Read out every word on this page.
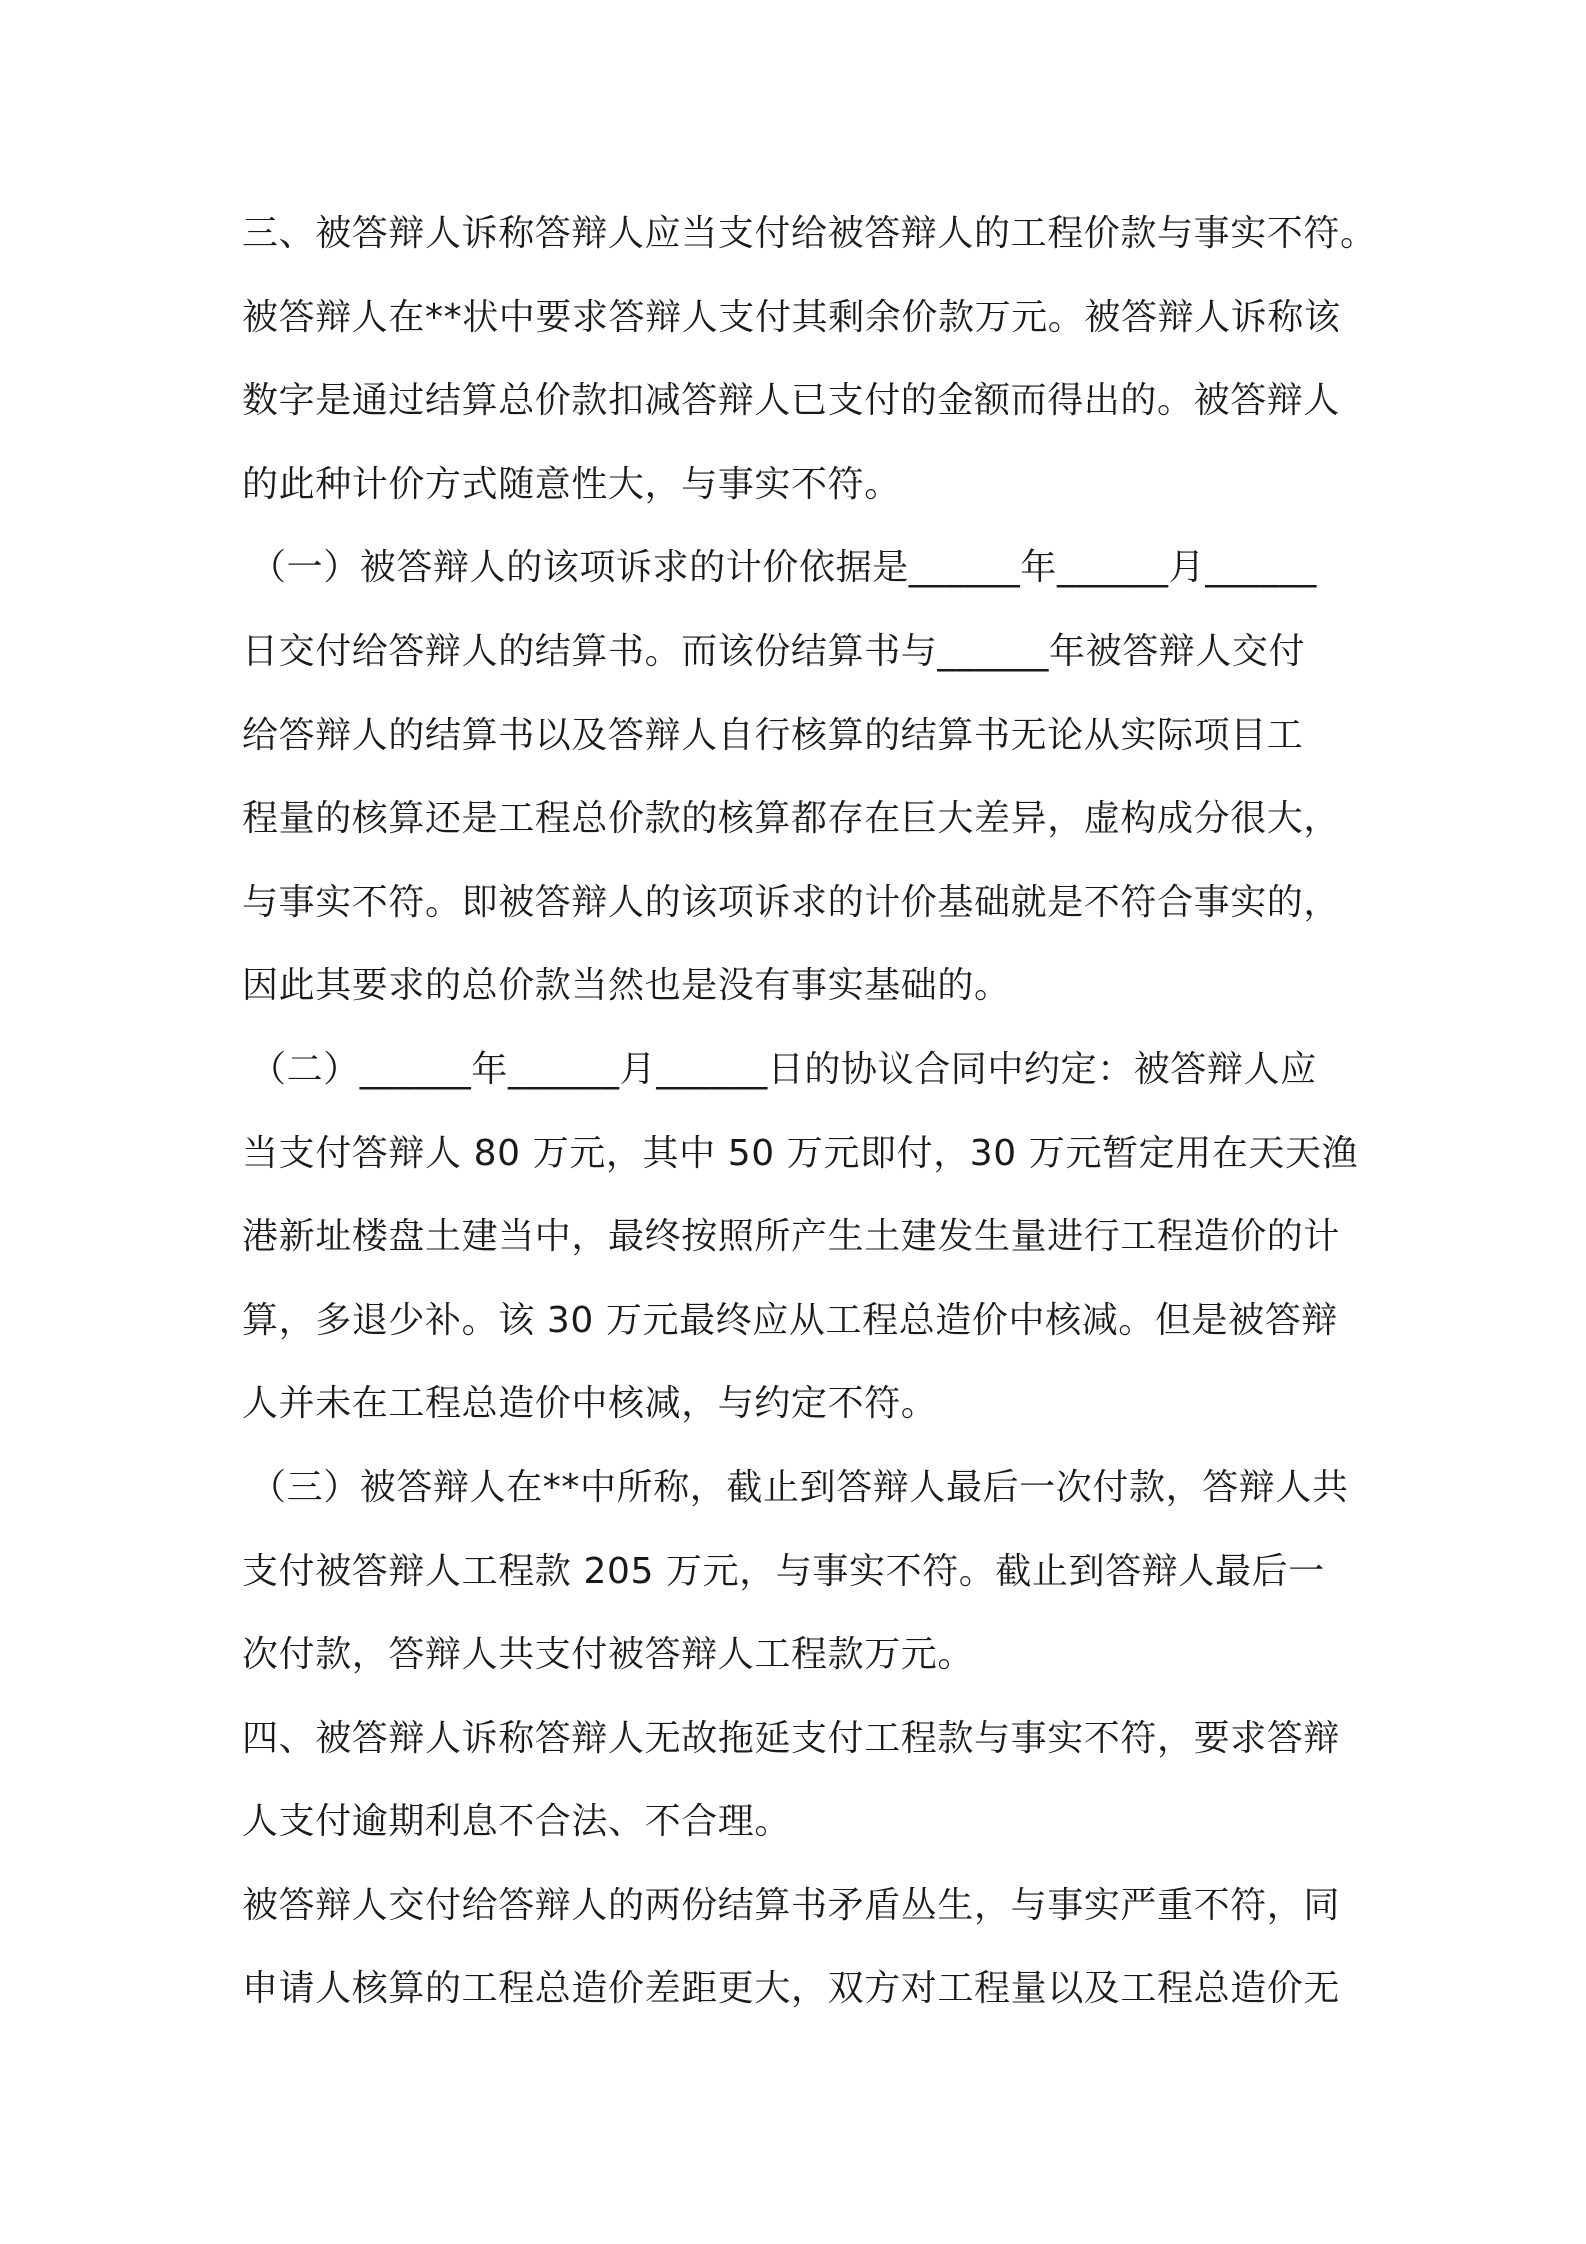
三、被答辩人诉称答辩人应当支付给被答辩人的工程价款与事实不符。
被答辩人在**状中要求答辩人支付其剩余价款万元。被答辩人诉称该
数字是通过结算总价款扣减答辩人已支付的金额而得出的。被答辩人
的此种计价方式随意性大，与事实不符。
（一）被答辩人的该项诉求的计价依据是______年______月______
日交付给答辩人的结算书。而该份结算书与______年被答辩人交付
给答辩人的结算书以及答辩人自行核算的结算书无论从实际项目工
程量的核算还是工程总价款的核算都存在巨大差异，虚构成分很大，
与事实不符。即被答辩人的该项诉求的计价基础就是不符合事实的，
因此其要求的总价款当然也是没有事实基础的。
（二）______年______月______日的协议合同中约定：被答辩人应
当支付答辩人 80 万元，其中 50 万元即付，30 万元暂定用在天天渔
港新址楼盘土建当中，最终按照所产生土建发生量进行工程造价的计
算，多退少补。该 30 万元最终应从工程总造价中核减。但是被答辩
人并未在工程总造价中核减，与约定不符。
（三）被答辩人在**中所称，截止到答辩人最后一次付款，答辩人共
支付被答辩人工程款 205 万元，与事实不符。截止到答辩人最后一
次付款，答辩人共支付被答辩人工程款万元。
四、被答辩人诉称答辩人无故拖延支付工程款与事实不符，要求答辩
人支付逾期利息不合法、不合理。
被答辩人交付给答辩人的两份结算书矛盾丛生，与事实严重不符，同
申请人核算的工程总造价差距更大，双方对工程量以及工程总造价无
